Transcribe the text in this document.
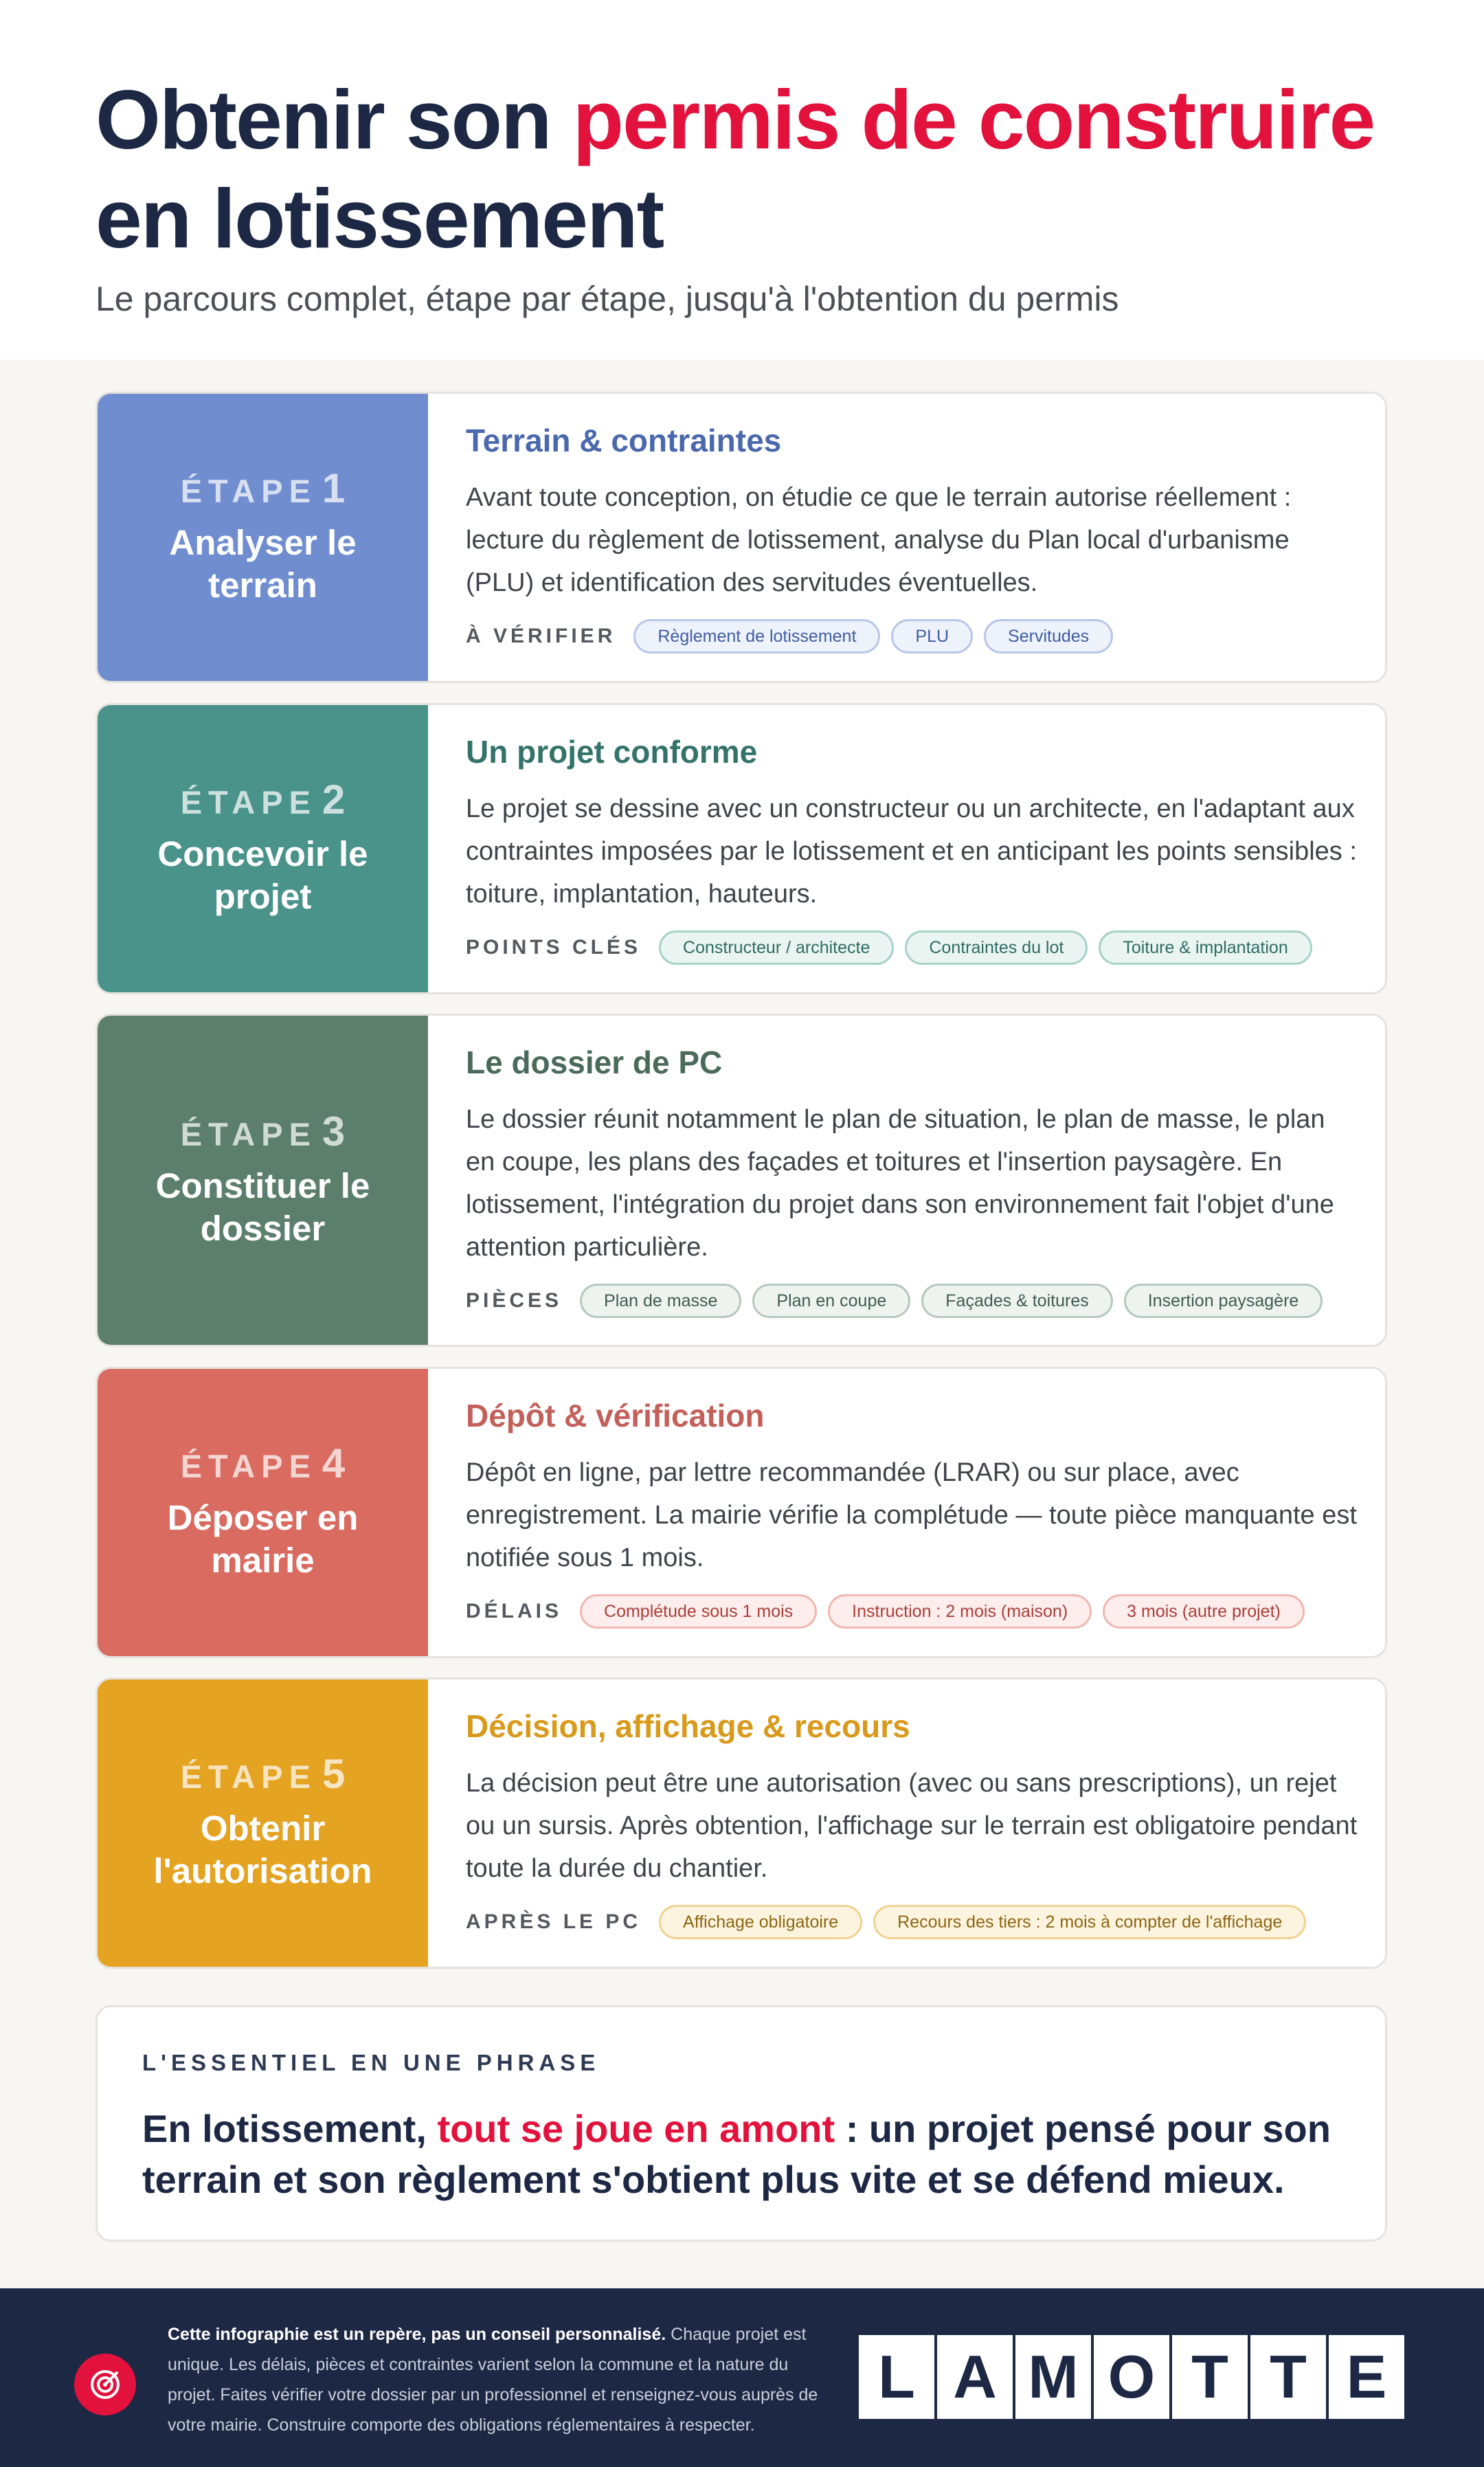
Obtenir son permis de construire en lotissement
Le parcours complet, étape par étape, jusqu'à l'obtention du permis
ÉTAPE 1
Analyser le terrain
Terrain & contraintes
Avant toute conception, on étudie ce que le terrain autorise réellement : lecture du règlement de lotissement, analyse du Plan local d'urbanisme (PLU) et identification des servitudes éventuelles.
À VÉRIFIER	Règlement de lotissement	PLU	Servitudes
ÉTAPE 2
Concevoir le projet
Un projet conforme
Le projet se dessine avec un constructeur ou un architecte, en l'adaptant aux contraintes imposées par le lotissement et en anticipant les points sensibles : toiture, implantation, hauteurs.
POINTS CLÉS	Constructeur / architecte	Contraintes du lot	Toiture & implantation
ÉTAPE 3
Constituer le dossier
Le dossier de PC
Le dossier réunit notamment le plan de situation, le plan de masse, le plan en coupe, les plans des façades et toitures et l'insertion paysagère. En lotissement, l'intégration du projet dans son environnement fait l'objet d'une attention particulière.
PIÈCES	Plan de masse	Plan en coupe	Façades & toitures	Insertion paysagère
ÉTAPE 4
Déposer en mairie
Dépôt & vérification
Dépôt en ligne, par lettre recommandée (LRAR) ou sur place, avec enregistrement. La mairie vérifie la complétude — toute pièce manquante est notifiée sous 1 mois.
DÉLAIS	Complétude sous 1 mois	Instruction : 2 mois (maison)	3 mois (autre projet)
ÉTAPE 5
Obtenir l'autorisation
Décision, affichage & recours
La décision peut être une autorisation (avec ou sans prescriptions), un rejet ou un sursis. Après obtention, l'affichage sur le terrain est obligatoire pendant toute la durée du chantier.
APRÈS LE PC	Affichage obligatoire	Recours des tiers : 2 mois à compter de l'affichage
L'ESSENTIEL EN UNE PHRASE
En lotissement, tout se joue en amont : un projet pensé pour son terrain et son règlement s'obtient plus vite et se défend mieux.
Cette infographie est un repère, pas un conseil personnalisé. Chaque projet est unique. Les délais, pièces et contraintes varient selon la commune et la nature du projet. Faites vérifier votre dossier par un professionnel et renseignez-vous auprès de votre mairie. Construire comporte des obligations réglementaires à respecter.
L A M O T T E
